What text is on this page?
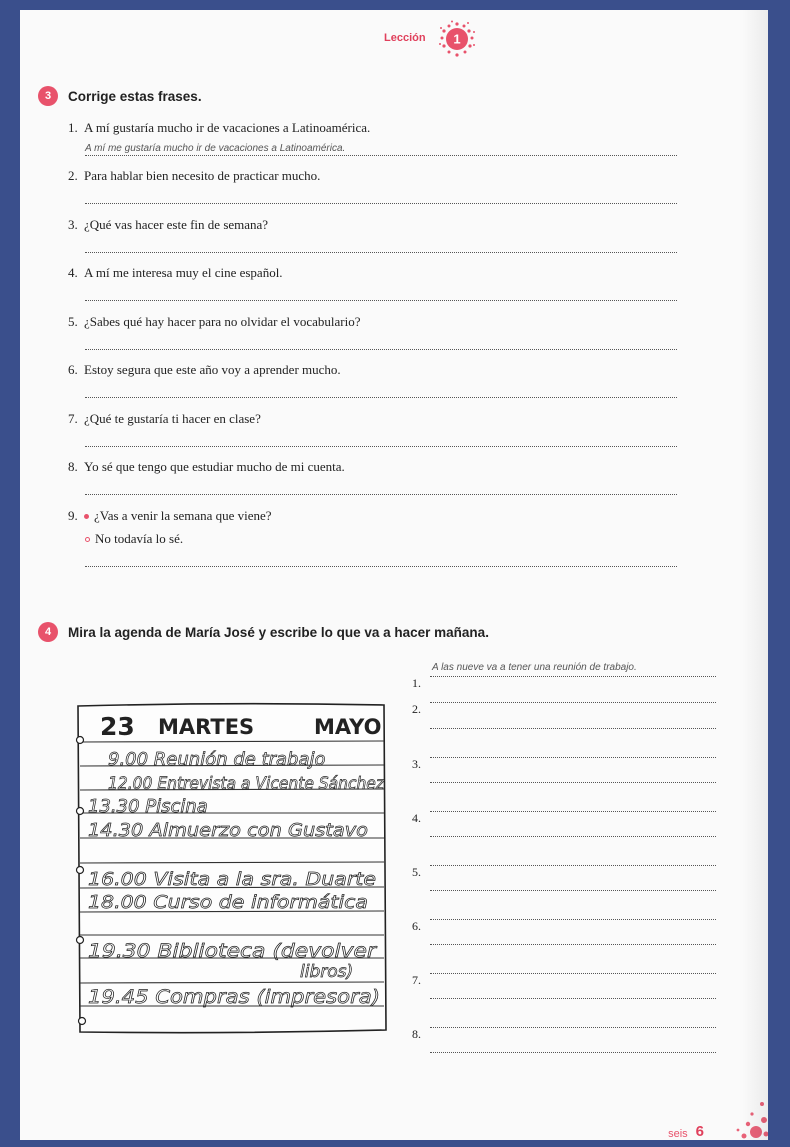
Lección 1
3	Corrige estas frases.
1. A mí gustaría mucho ir de vacaciones a Latinoamérica.
A mí me gustaría mucho ir de vacaciones a Latinoamérica.
2. Para hablar bien necesito de practicar mucho.
3. ¿Qué vas hacer este fin de semana?
4. A mí me interesa muy el cine español.
5. ¿Sabes qué hay hacer para no olvidar el vocabulario?
6. Estoy segura que este año voy a aprender mucho.
7. ¿Qué te gustaría ti hacer en clase?
8. Yo sé que tengo que estudiar mucho de mi cuenta.
9.	¿Vas a venir la semana que viene?
No todavía lo sé.
4	Mira la agenda de María José y escribe lo que va a hacer mañana.
23 MARTES	MAYO
9.00 Reunión de trabajo
12.00 Entrevista a Vicente Sánchez
13.30 Piscina
14.30 Almuerzo con Gustavo
16.00 Visita a la sra. Duarte
18.00 Curso de informática
19.30 Biblioteca (devolver
libros)
19.45 Compras (impresora)
1.
A las nueve va a tener una reunión de trabajo.
2.
3.
4.
5.
6.
7.
8.
seis 6
